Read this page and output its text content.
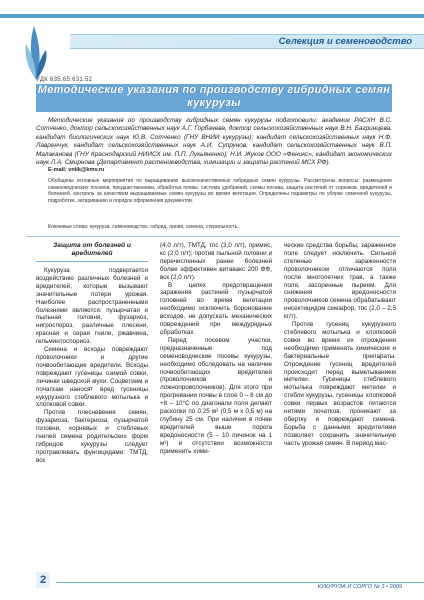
Селекция и семеноводство
УДК 635.65:631.52
Методические указания по производству гибридных семян кукурузы
Методические указания по производству гибридных семян кукурузы подготовили: академик РАСХН В.С. Сотченко, доктор сельскохозяйственных наук А.Г. Горбачева, доктор сельскохозяйственных наук В.Н. Багринцева, кандидат биологических наук Ю.В. Сотченко (ГНУ ВНИИ кукурузы); кандидат сельскохозяйственных наук Н.Ф. Лавренчук, кандидат сельскохозяйственных наук А.И. Супрунов, кандидат сельскохозяйственных наук В.П. Малаканова (ГНУ Краснодарский НИИСХ им. П.П. Лукьяненко); Н.И. Жуков ООО «Феникс»; кандидат экономических наук Л.А. Смирнова (Департамент растениеводства, химизации и защиты растений МСХ РФ).
E-mail: vniik@kmv.ru
Обобщены основные мероприятия по выращиванию высококачественных гибридных семян кукурузы. Рассмотрены вопросы: размещение семеноводческих посевов, предшественники, обработка почвы, система удобрений, схемы посева, защита растений от сорняков, вредителей и болезней, контроль за качеством выращиваемых семян кукурузы во время вегетации. Определены параметры по уборке семенной кукурузы, подработке, затариванию и порядок оформления документов.
Ключевые слова: кукуруза, семеноводство, гибрид, линия, семена, стерильность.
Защита от болезней и вредителей

Кукуруза подвергается воздействию различных болезней и вредителей, которые вызывают значительные потери урожая. Наиболее распространенными болезнями являются: пузырчатая и пыльная головня, фузариоз, нигроспороз, различные плесени, красная и серая гнили, ржавчина, гельминтоспориоз.

Семена и всходы повреждают проволочники и другие почвообитающие вредители. Всходы повреждают гусеницы озимой совки, личинки шведской мухи. Соцветиям и початкам наносят вред гусеницы кукурузного стеблевого мотылька и хлопковой совки.

Против плесневения семян, фузариоза, бактериоза, пузырчатой головни, корневых и стеблевых гнилей семена родительских форм гибридов кукурузы следует протравливать фунгицидами: ТМТД, вск

(4,0 л/т), ТМТД, тпс (3,0 л/т), премис, кс (2,0 л/т); против пыльной головни и перечисленных ранее болезней более эффективен витавакс 200 ФФ, вск (2,0 л/т).

В целях предотвращения заражения растений пузырчатой головней во время вегетации необходимо исключить боронование всходов, не допускать механических повреждений при междурядных обработках.

Перед посевом участки, предназначенные под семеноводческие посевы кукурузы, необходимо обследовать на наличие почвообитающих вредителей (проволочников и ложнопроволочников). Для этого при прогревании почвы в слое 0 – 8 см до +8 – 10°С по диагонали поля делают раскопки по 0,25 м² (0,5 м х 0,5 м) на глубину 25 см. При наличии в почве вредителей выше порога вредоносности (5 – 10 личинок на 1 м²) и отсутствии возможности применить хими-

ческие средства борьбы, зараженное поле следует исключить. Сильной степенью зараженности проволочником отличаются поля после многолетних трав, а также поля, засоренные пыреем. Для снижения вредоносности проволочников семена обрабатывают инсектицидом семафор, тпс (2,0 – 2,5 кг/т).

Против гусениц кукурузного стеблевого мотылька и хлопковой совки во время их отрождения необходимо применять химические и бактериальные препараты. Отрождение гусениц вредителей происходит перед выметыванием метелки. Гусеницы стеблевого мотылька повреждают метелки и стебли кукурузы, гусеницы хлопковой совки первых возрастов питаются нитями початков, проникают за обертку и повреждают семена. Борьба с данными вредителями позволяет сохранить значительную часть урожая семян. В период мас-

2
КУКУРУЗА И СОРГО № 3 • 2009
